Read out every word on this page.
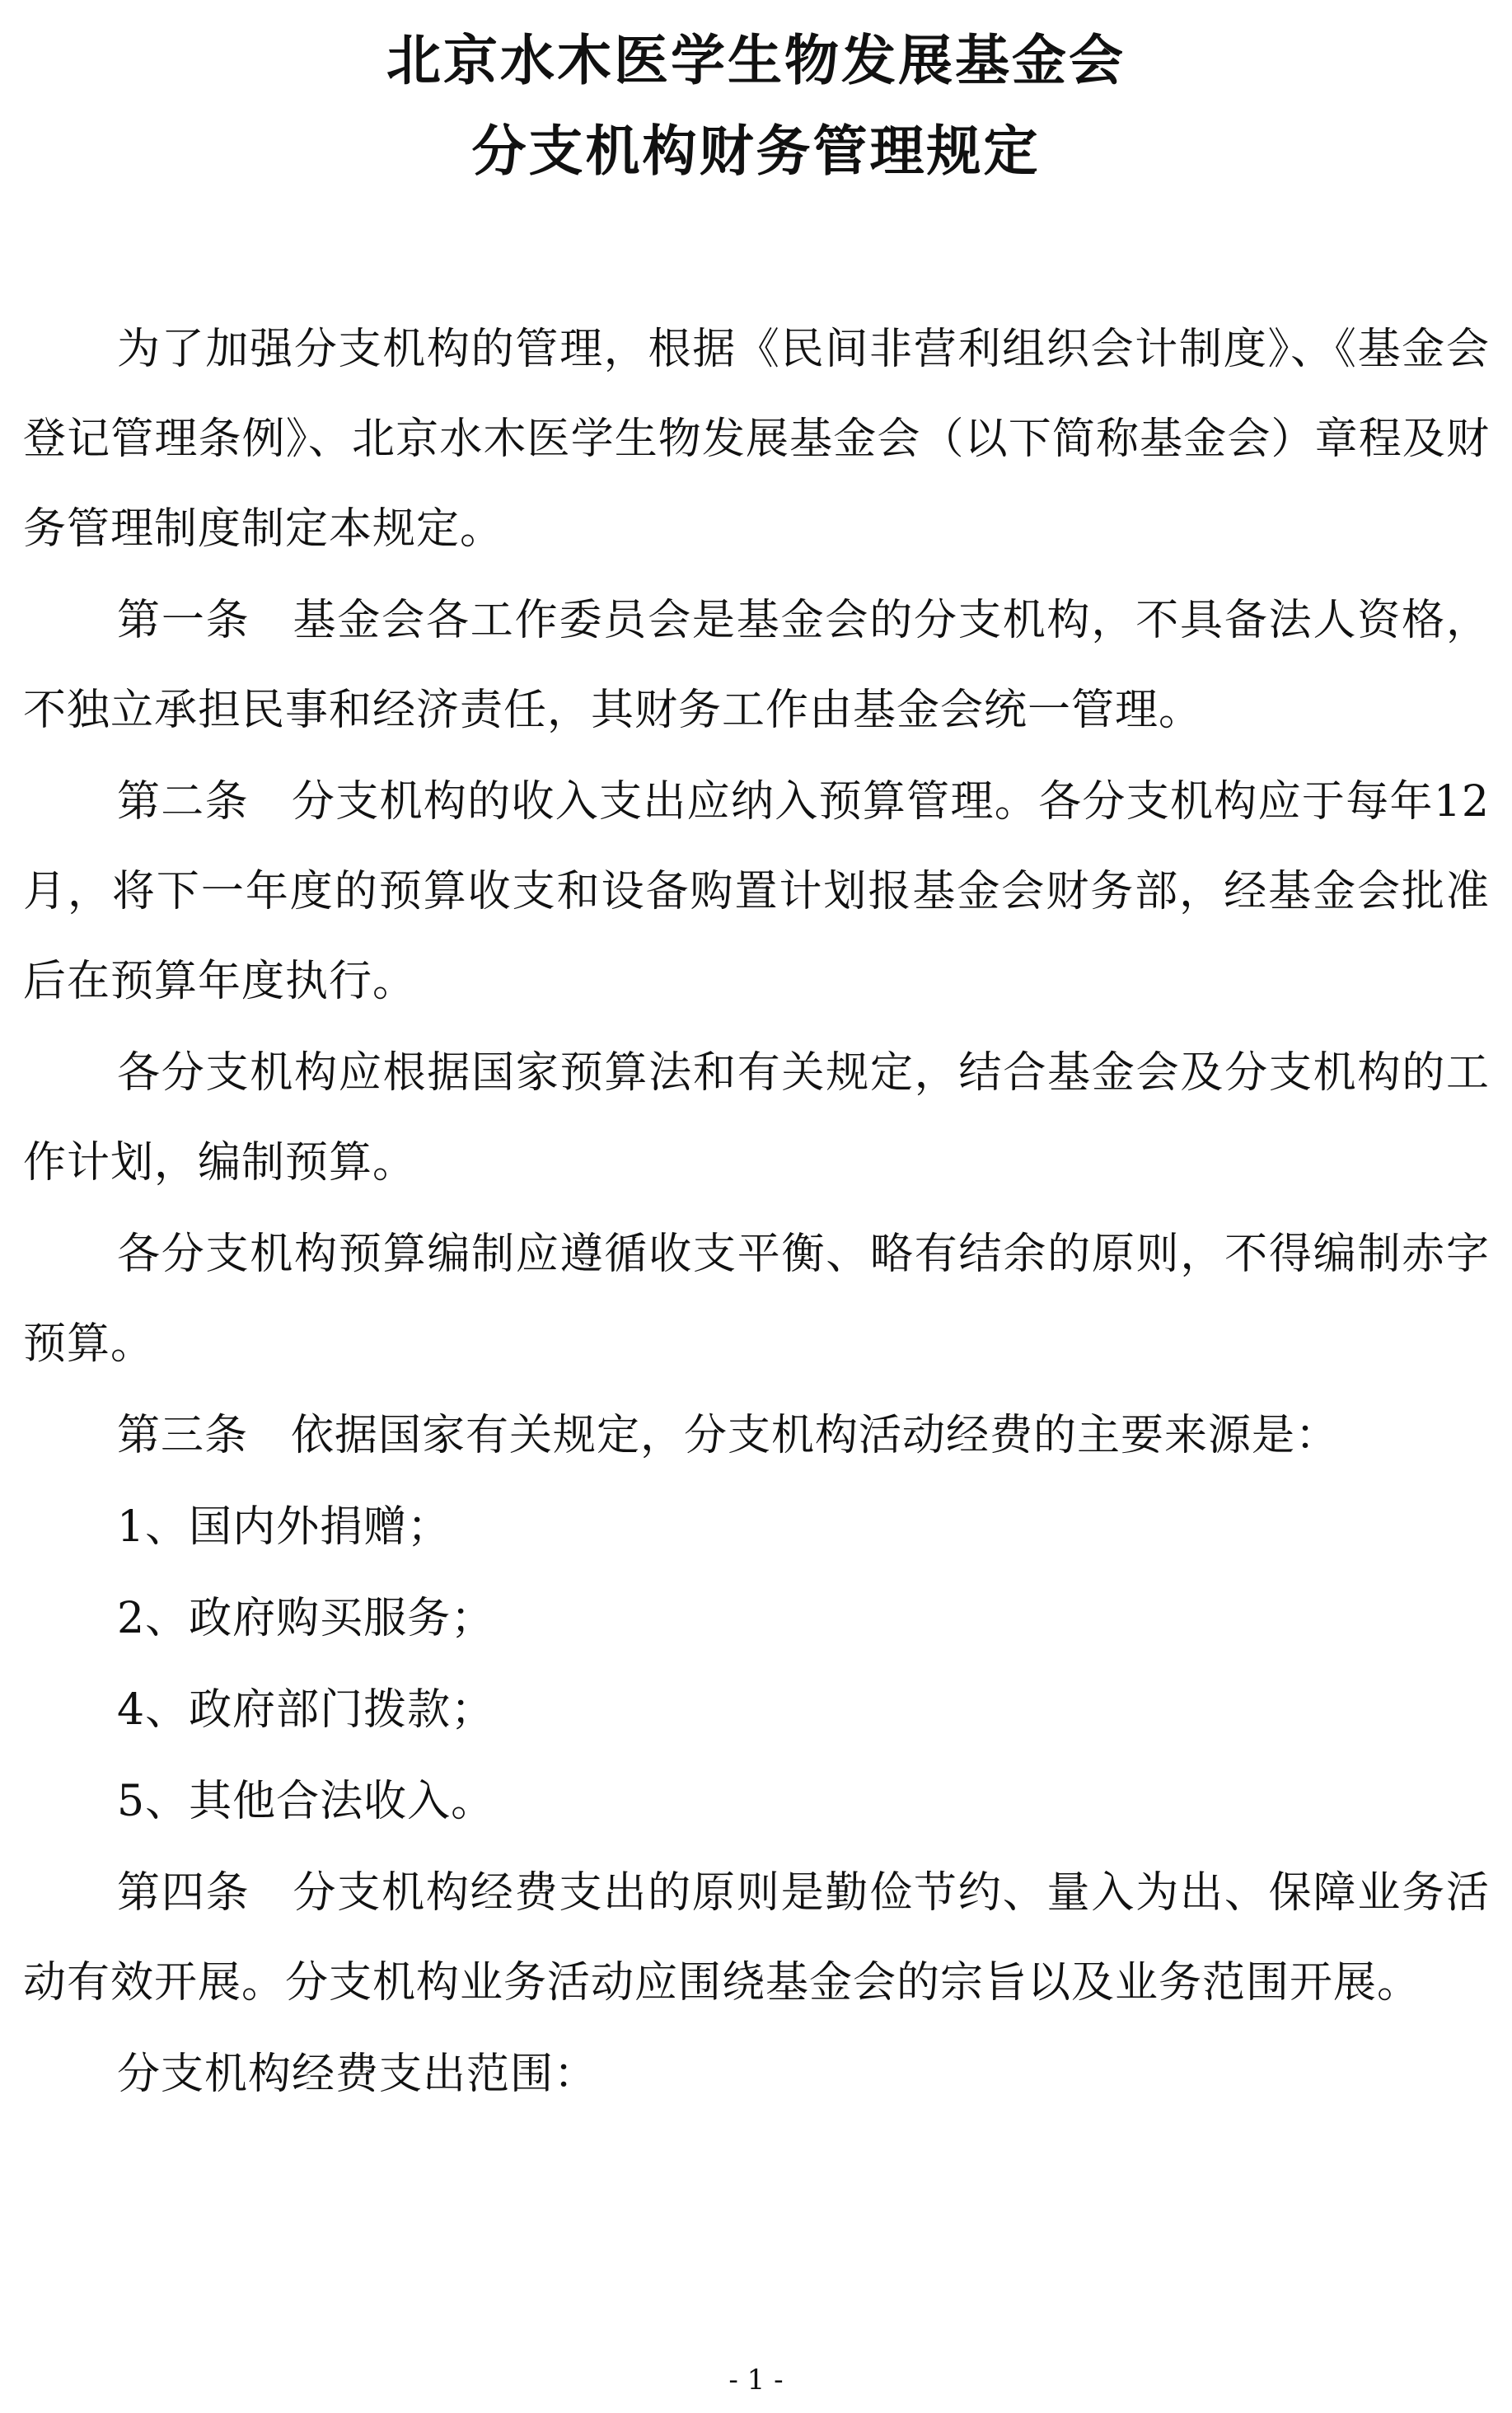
北京水木医学生物发展基金会
分支机构财务管理规定

为了加强分支机构的管理，根据《民间非营利组织会计制度》、《基金会登记管理条例》、北京水木医学生物发展基金会（以下简称基金会）章程及财务管理制度制定本规定。

第一条 基金会各工作委员会是基金会的分支机构，不具备法人资格，不独立承担民事和经济责任，其财务工作由基金会统一管理。

第二条 分支机构的收入支出应纳入预算管理。各分支机构应于每年12月，将下一年度的预算收支和设备购置计划报基金会财务部，经基金会批准后在预算年度执行。

各分支机构应根据国家预算法和有关规定，结合基金会及分支机构的工作计划，编制预算。

各分支机构预算编制应遵循收支平衡、略有结余的原则，不得编制赤字预算。

第三条 依据国家有关规定，分支机构活动经费的主要来源是：

1、国内外捐赠；

2、政府购买服务；

4、政府部门拨款；

5、其他合法收入。

第四条 分支机构经费支出的原则是勤俭节约、量入为出、保障业务活动有效开展。分支机构业务活动应围绕基金会的宗旨以及业务范围开展。

分支机构经费支出范围：

- 1 -
